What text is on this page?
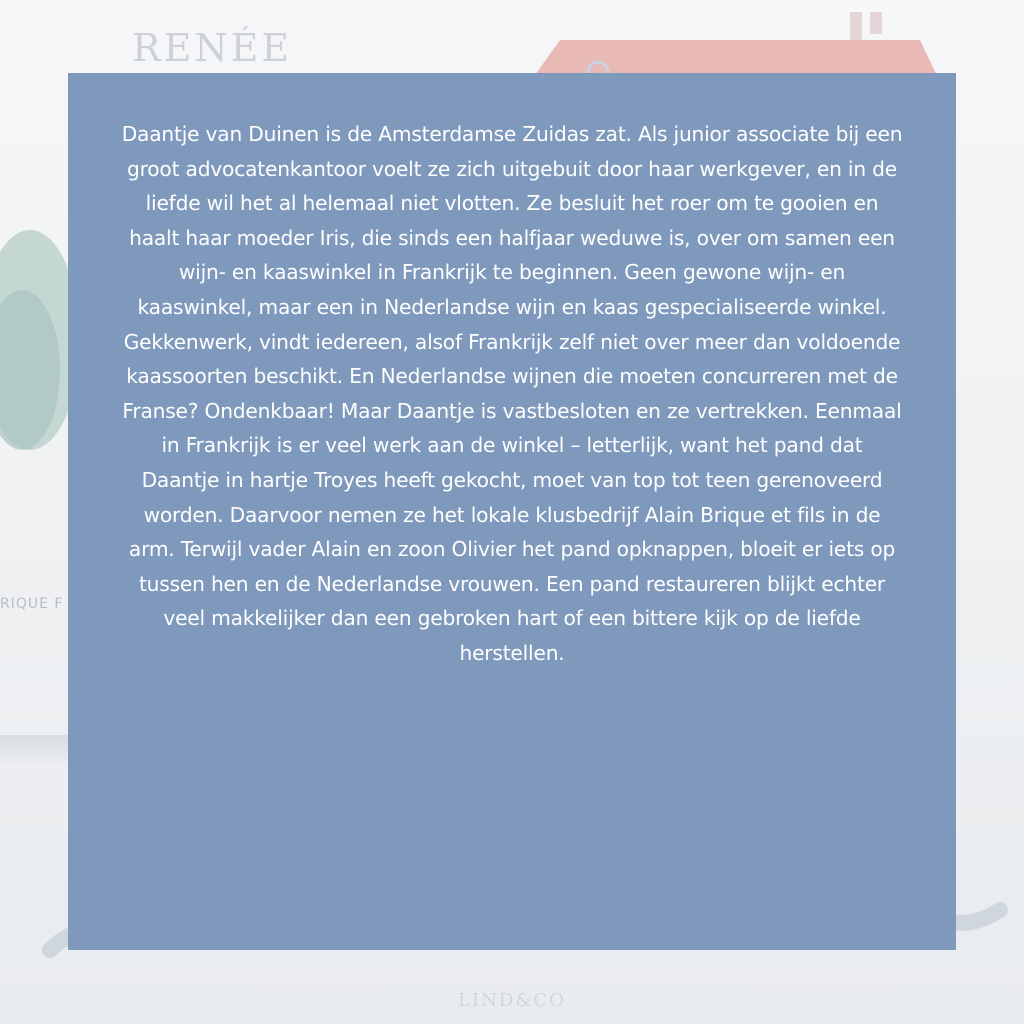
RENÉE
RIQUE F
LIND&CO

Daantje van Duinen is de Amsterdamse Zuidas zat. Als junior associate bij een groot advocatenkantoor voelt ze zich uitgebuit door haar werkgever, en in de liefde wil het al helemaal niet vlotten. Ze besluit het roer om te gooien en haalt haar moeder Iris, die sinds een halfjaar weduwe is, over om samen een wijn- en kaaswinkel in Frankrijk te beginnen. Geen gewone wijn- en kaaswinkel, maar een in Nederlandse wijn en kaas gespecialiseerde winkel. Gekkenwerk, vindt iedereen, alsof Frankrijk zelf niet over meer dan voldoende kaassoorten beschikt. En Nederlandse wijnen die moeten concurreren met de Franse? Ondenkbaar! Maar Daantje is vastbesloten en ze vertrekken. Eenmaal in Frankrijk is er veel werk aan de winkel – letterlijk, want het pand dat Daantje in hartje Troyes heeft gekocht, moet van top tot teen gerenoveerd worden. Daarvoor nemen ze het lokale klusbedrijf Alain Brique et fils in de arm. Terwijl vader Alain en zoon Olivier het pand opknappen, bloeit er iets op tussen hen en de Nederlandse vrouwen. Een pand restaureren blijkt echter veel makkelijker dan een gebroken hart of een bittere kijk op de liefde herstellen.
